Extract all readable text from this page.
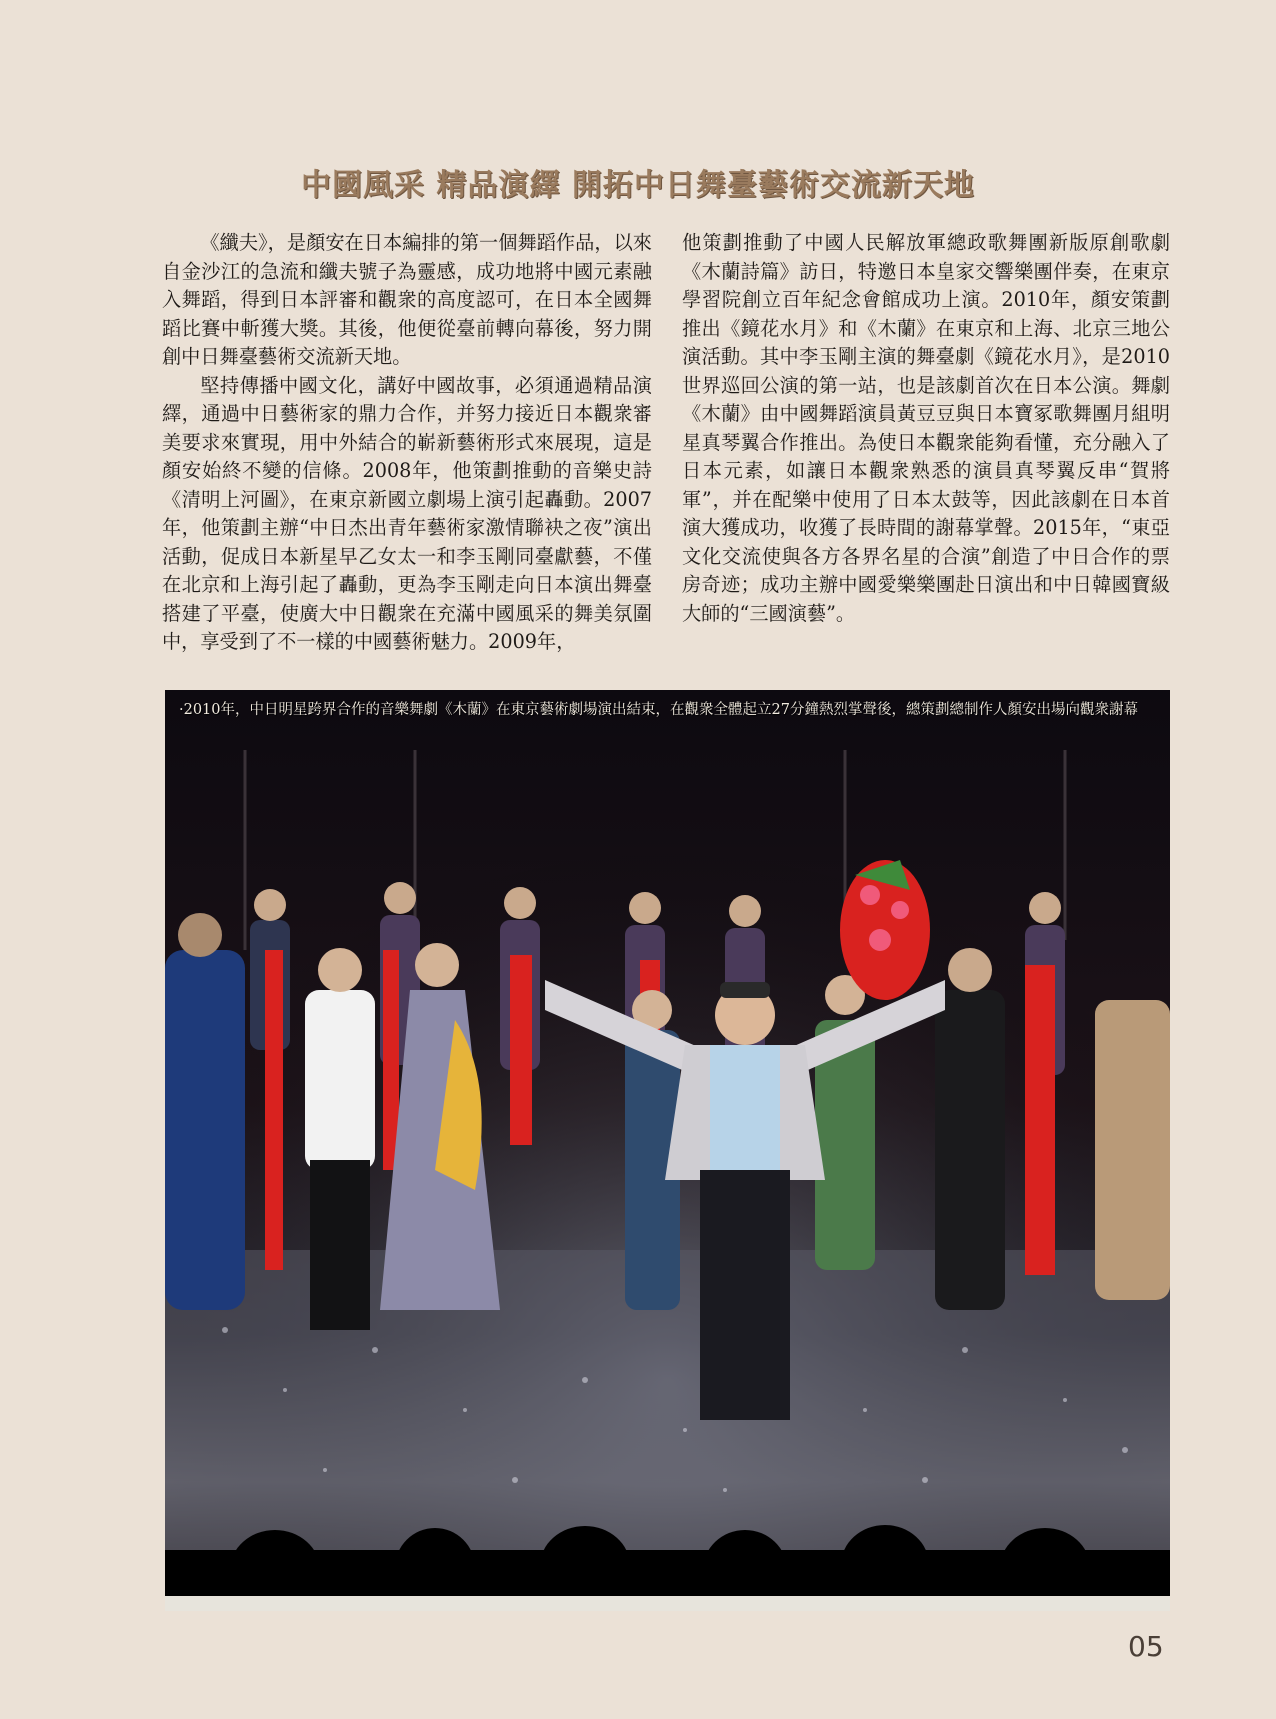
中國風采 精品演繹 開拓中日舞臺藝術交流新天地

《纖夫》，是顏安在日本編排的第一個舞蹈作品，以來自金沙江的急流和纖夫號子為靈感，成功地將中國元素融入舞蹈，得到日本評審和觀衆的高度認可，在日本全國舞蹈比賽中斬獲大獎。其後，他便從臺前轉向幕後，努力開創中日舞臺藝術交流新天地。

堅持傳播中國文化，講好中國故事，必須通過精品演繹，通過中日藝術家的鼎力合作，并努力接近日本觀衆審美要求來實現，用中外結合的嶄新藝術形式來展現，這是顏安始終不變的信條。2008年，他策劃推動的音樂史詩《清明上河圖》，在東京新國立劇場上演引起轟動。2007年，他策劃主辦“中日杰出青年藝術家激情聯袂之夜”演出活動，促成日本新星早乙女太一和李玉剛同臺獻藝，不僅在北京和上海引起了轟動，更為李玉剛走向日本演出舞臺搭建了平臺，使廣大中日觀衆在充滿中國風采的舞美氛圍中，享受到了不一樣的中國藝術魅力。2009年，

他策劃推動了中國人民解放軍總政歌舞團新版原創歌劇《木蘭詩篇》訪日，特邀日本皇家交響樂團伴奏，在東京學習院創立百年紀念會館成功上演。2010年，顏安策劃推出《鏡花水月》和《木蘭》在東京和上海、北京三地公演活動。其中李玉剛主演的舞臺劇《鏡花水月》，是2010世界巡回公演的第一站，也是該劇首次在日本公演。舞劇《木蘭》由中國舞蹈演員黃豆豆與日本寶冢歌舞團月組明星真琴翼合作推出。為使日本觀衆能夠看懂，充分融入了日本元素，如讓日本觀衆熟悉的演員真琴翼反串“賀將軍”，并在配樂中使用了日本太鼓等，因此該劇在日本首演大獲成功，收獲了長時間的謝幕掌聲。2015年，“東亞文化交流使與各方各界名星的合演”創造了中日合作的票房奇迹；成功主辦中國愛樂樂團赴日演出和中日韓國寶級大師的“三國演藝”。

·2010年，中日明星跨界合作的音樂舞劇《木蘭》在東京藝術劇場演出結束，在觀衆全體起立27分鐘熱烈掌聲後，總策劃總制作人顏安出場向觀衆謝幕
05
